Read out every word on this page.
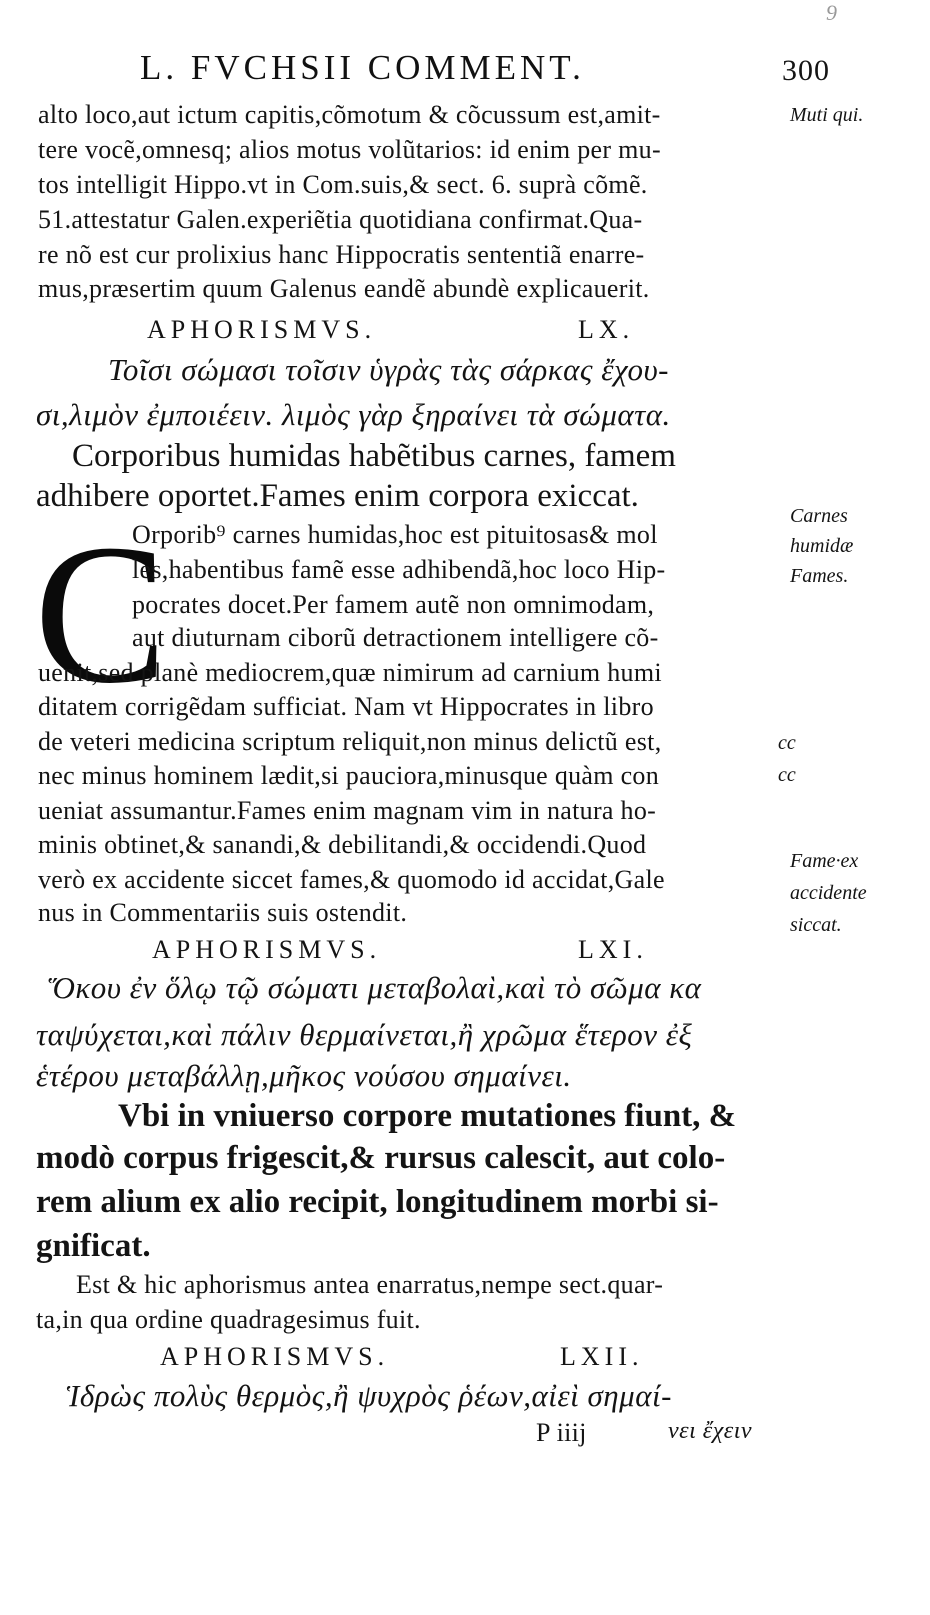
9
L. FVCHSII COMMENT.	300
alto loco,aut ictum capitis,cõmotum & cõcussum est,amit-
tere vocẽ,omnesq; alios motus volũtarios: id enim per mu-
tos intelligit Hippo.vt in Com.suis,& sect. 6. suprà cõmẽ.
51.attestatur Galen.experiẽtia quotidiana confirmat.Qua-
re nõ est cur prolixius hanc Hippocratis sententiã enarre-
mus,præsertim quum Galenus eandẽ abundè explicauerit.
Muti qui.
APHORISMVS.	LX.
Τοῖσι σώμασι τοῖσιν ὑγρὰς τὰς σάρκας ἔχου-
σι,λιμὸν ἐμποιέειν. λιμὸς γὰρ ξηραίνει τὰ σώματα.
Corporibus humidas habẽtibus carnes, famem
adhibere oportet.Fames enim corpora exiccat.
C
Orporib⁹ carnes humidas,hoc est pituitosas& mol
les,habentibus famẽ esse adhibendã,hoc loco Hip-
pocrates docet.Per famem autẽ non omnimodam,
aut diuturnam ciborũ detractionem intelligere cõ-
uenit,sed planè mediocrem,quæ nimirum ad carnium humi
ditatem corrigẽdam sufficiat. Nam vt Hippocrates in libro
de veteri medicina scriptum reliquit,non minus delictũ est,
nec minus hominem lædit,si pauciora,minusque quàm con
ueniat assumantur.Fames enim magnam vim in natura ho-
minis obtinet,& sanandi,& debilitandi,& occidendi.Quod
verò ex accidente siccet fames,& quomodo id accidat,Gale
nus in Commentariis suis ostendit.
Carnes
humidæ
Fames.
cc
cc
Fame·ex
accidente
siccat.
APHORISMVS.	LXI.
Ὅκου ἐν ὅλῳ τῷ σώματι μεταβολαὶ,καὶ τὸ σῶμα κα
ταψύχεται,καὶ πάλιν θερμαίνεται,ἢ χρῶμα ἕτερον ἐξ
ἑτέρου μεταβάλλῃ,μῆκος νούσου σημαίνει.
Vbi in vniuerso corpore mutationes fiunt, &
modò corpus frigescit,& rursus calescit, aut colo-
rem alium ex alio recipit, longitudinem morbi si-
gnificat.
Est & hic aphorismus antea enarratus,nempe sect.quar-
ta,in qua ordine quadragesimus fuit.
APHORISMVS.	LXII.
Ἱδρὼς πολὺς θερμὸς,ἢ ψυχρὸς ῥέων,αἰεὶ σημαί-
P iiij	νει ἔχειν
